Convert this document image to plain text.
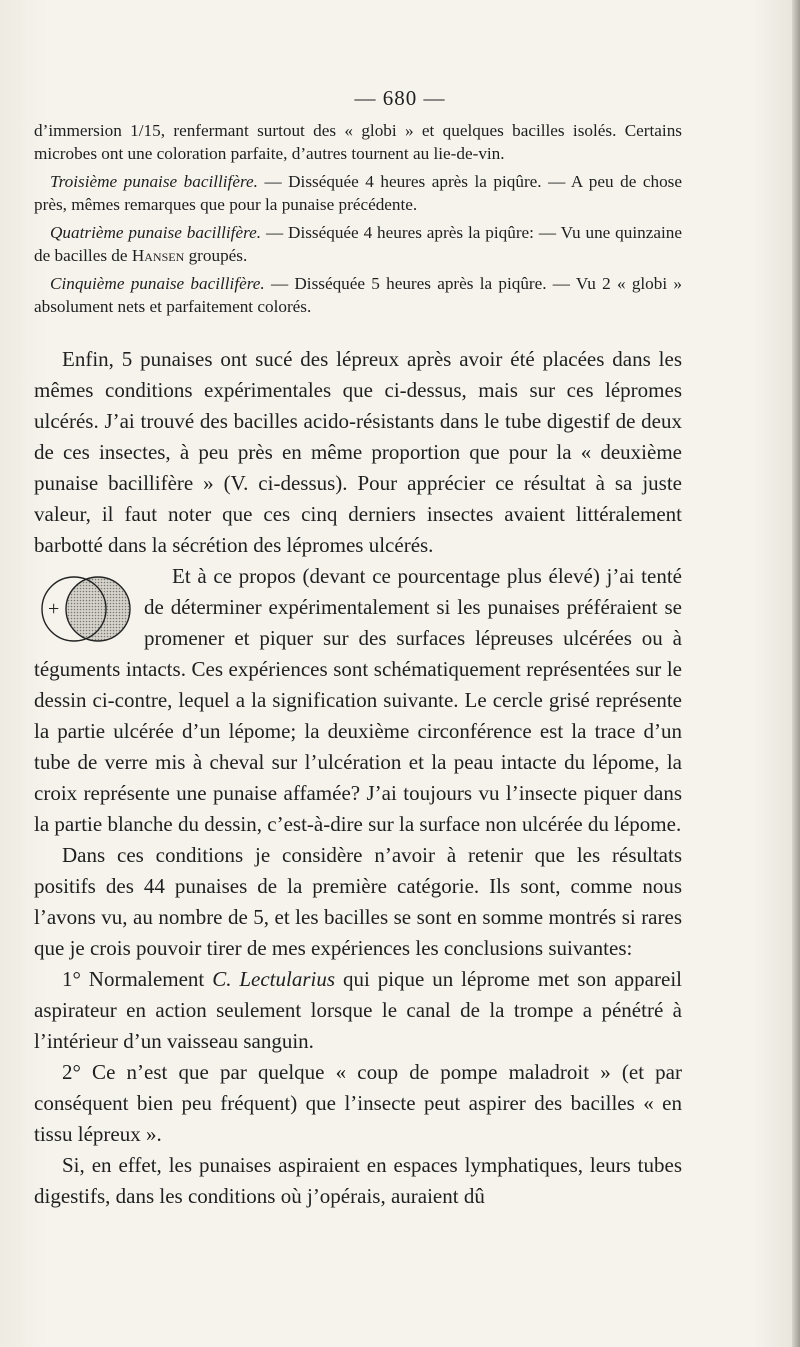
— 680 —

d’immersion 1/15, renfermant surtout des « globi » et quelques bacilles isolés. Certains microbes ont une coloration parfaite, d’autres tournent au lie-de-vin.

Troisième punaise bacillifère. — Disséquée 4 heures après la piqûre. — A peu de chose près, mêmes remarques que pour la punaise précédente.

Quatrième punaise bacillifère. — Disséquée 4 heures après la piqûre: — Vu une quinzaine de bacilles de Hansen groupés.

Cinquième punaise bacillifère. — Disséquée 5 heures après la piqûre. — Vu 2 « globi » absolument nets et parfaitement colorés.

Enfin, 5 punaises ont sucé des lépreux après avoir été placées dans les mêmes conditions expérimentales que ci-dessus, mais sur ces lépromes ulcérés. J’ai trouvé des bacilles acido-résistants dans le tube digestif de deux de ces insectes, à peu près en même proportion que pour la « deuxième punaise bacillifère » (V. ci-dessus). Pour apprécier ce résultat à sa juste valeur, il faut noter que ces cinq derniers insectes avaient littéralement barbotté dans la sécrétion des lépromes ulcérés.

+
Et à ce propos (devant ce pourcentage plus élevé) j’ai tenté de déterminer expérimentalement si les punaises préféraient se promener et piquer sur des surfaces lépreuses ulcérées ou à téguments intacts. Ces expériences sont schématiquement représentées sur le dessin ci-contre, lequel a la signification suivante. Le cercle grisé représente la partie ulcérée d’un lépome; la deuxième circonférence est la trace d’un tube de verre mis à cheval sur l’ulcération et la peau intacte du lépome, la croix représente une punaise affamée? J’ai toujours vu l’insecte piquer dans la partie blanche du dessin, c’est-à-dire sur la surface non ulcérée du lépome.

Dans ces conditions je considère n’avoir à retenir que les résultats positifs des 44 punaises de la première catégorie. Ils sont, comme nous l’avons vu, au nombre de 5, et les bacilles se sont en somme montrés si rares que je crois pouvoir tirer de mes expériences les conclusions suivantes:

1° Normalement C. Lectularius qui pique un léprome met son appareil aspirateur en action seulement lorsque le canal de la trompe a pénétré à l’intérieur d’un vaisseau sanguin.

2° Ce n’est que par quelque « coup de pompe maladroit » (et par conséquent bien peu fréquent) que l’insecte peut aspirer des bacilles « en tissu lépreux ».

Si, en effet, les punaises aspiraient en espaces lymphatiques, leurs tubes digestifs, dans les conditions où j’opérais, auraient dû
